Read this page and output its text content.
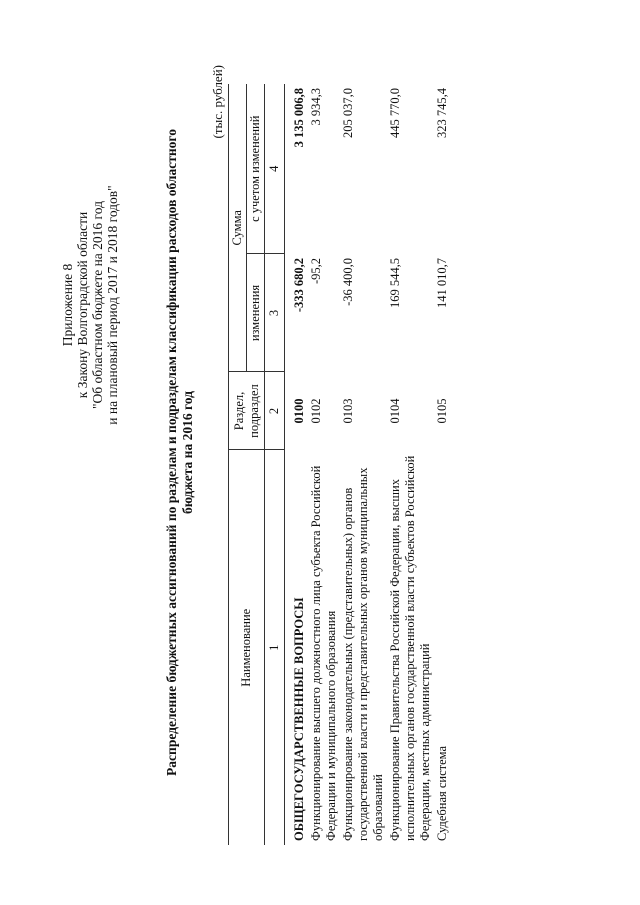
Приложение 8 к Закону Волгоградской области "Об областном бюджете на 2016 год и на плановый период 2017 и 2018 годов"	Распределение бюджетных ассигнований по разделам и подразделам классификации расходов областного бюджета на 2016 год
(тыс. рублей)
Наименование	Раздел, подраздел	Сумма	
		изменения	с учетом изменений
1	2	3	4

ОБЩЕГОСУДАРСТВЕННЫЕ ВОПРОСЫ	0100	-333 680,2	3 135 006,8
Функционирование высшего должностного лица субъекта Российской Федерации и муниципального образования	0102	-95,2	3 934,3
Функционирование законодательных (представительных) органов государственной власти и представительных органов муниципальных образований	0103	-36 400,0	205 037,0
Функционирование Правительства Российской Федерации, высших исполнительных органов государственной власти субъектов Российской Федерации, местных администраций	0104	169 544,5	445 770,0
Судебная система	0105	141 010,7	323 745,4
